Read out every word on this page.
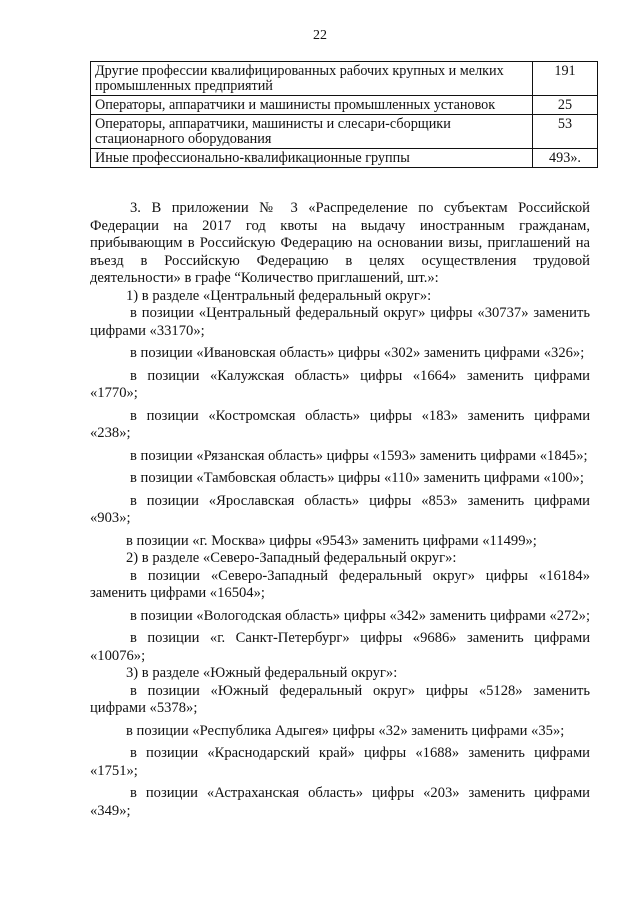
22
Другие профессии квалифицированных рабочих крупных и мелких промышленных предприятий	191
Операторы, аппаратчики и машинисты промышленных установок	25
Операторы, аппаратчики, машинисты и слесари-сборщики стационарного оборудования	53
Иные профессионально-квалификационные группы	493».

3. В приложении № 3 «Распределение по субъектам Российской Федерации на 2017 год квоты на выдачу иностранным гражданам, прибывающим в Российскую Федерацию на основании визы, приглашений на въезд в Российскую Федерацию в целях осуществления трудовой деятельности» в графе “Количество приглашений, шт.»:

1) в разделе «Центральный федеральный округ»:

в позиции «Центральный федеральный округ» цифры «30737» заменить цифрами «33170»;

в позиции «Ивановская область» цифры «302» заменить цифрами «326»;

в позиции «Калужская область» цифры «1664» заменить цифрами «1770»;

в позиции «Костромская область» цифры «183» заменить цифрами «238»;

в позиции «Рязанская область» цифры «1593» заменить цифрами «1845»;

в позиции «Тамбовская область» цифры «110» заменить цифрами «100»;

в позиции «Ярославская область» цифры «853» заменить цифрами «903»;

в позиции «г. Москва» цифры «9543» заменить цифрами «11499»;

2) в разделе «Северо-Западный федеральный округ»:

в позиции «Северо-Западный федеральный округ» цифры «16184» заменить цифрами «16504»;

в позиции «Вологодская область» цифры «342» заменить цифрами «272»;

в позиции «г. Санкт-Петербург» цифры «9686» заменить цифрами «10076»;

3) в разделе «Южный федеральный округ»:

в позиции «Южный федеральный округ» цифры «5128» заменить цифрами «5378»;

в позиции «Республика Адыгея» цифры «32» заменить цифрами «35»;

в позиции «Краснодарский край» цифры «1688» заменить цифрами «1751»;

в позиции «Астраханская область» цифры «203» заменить цифрами «349»;
